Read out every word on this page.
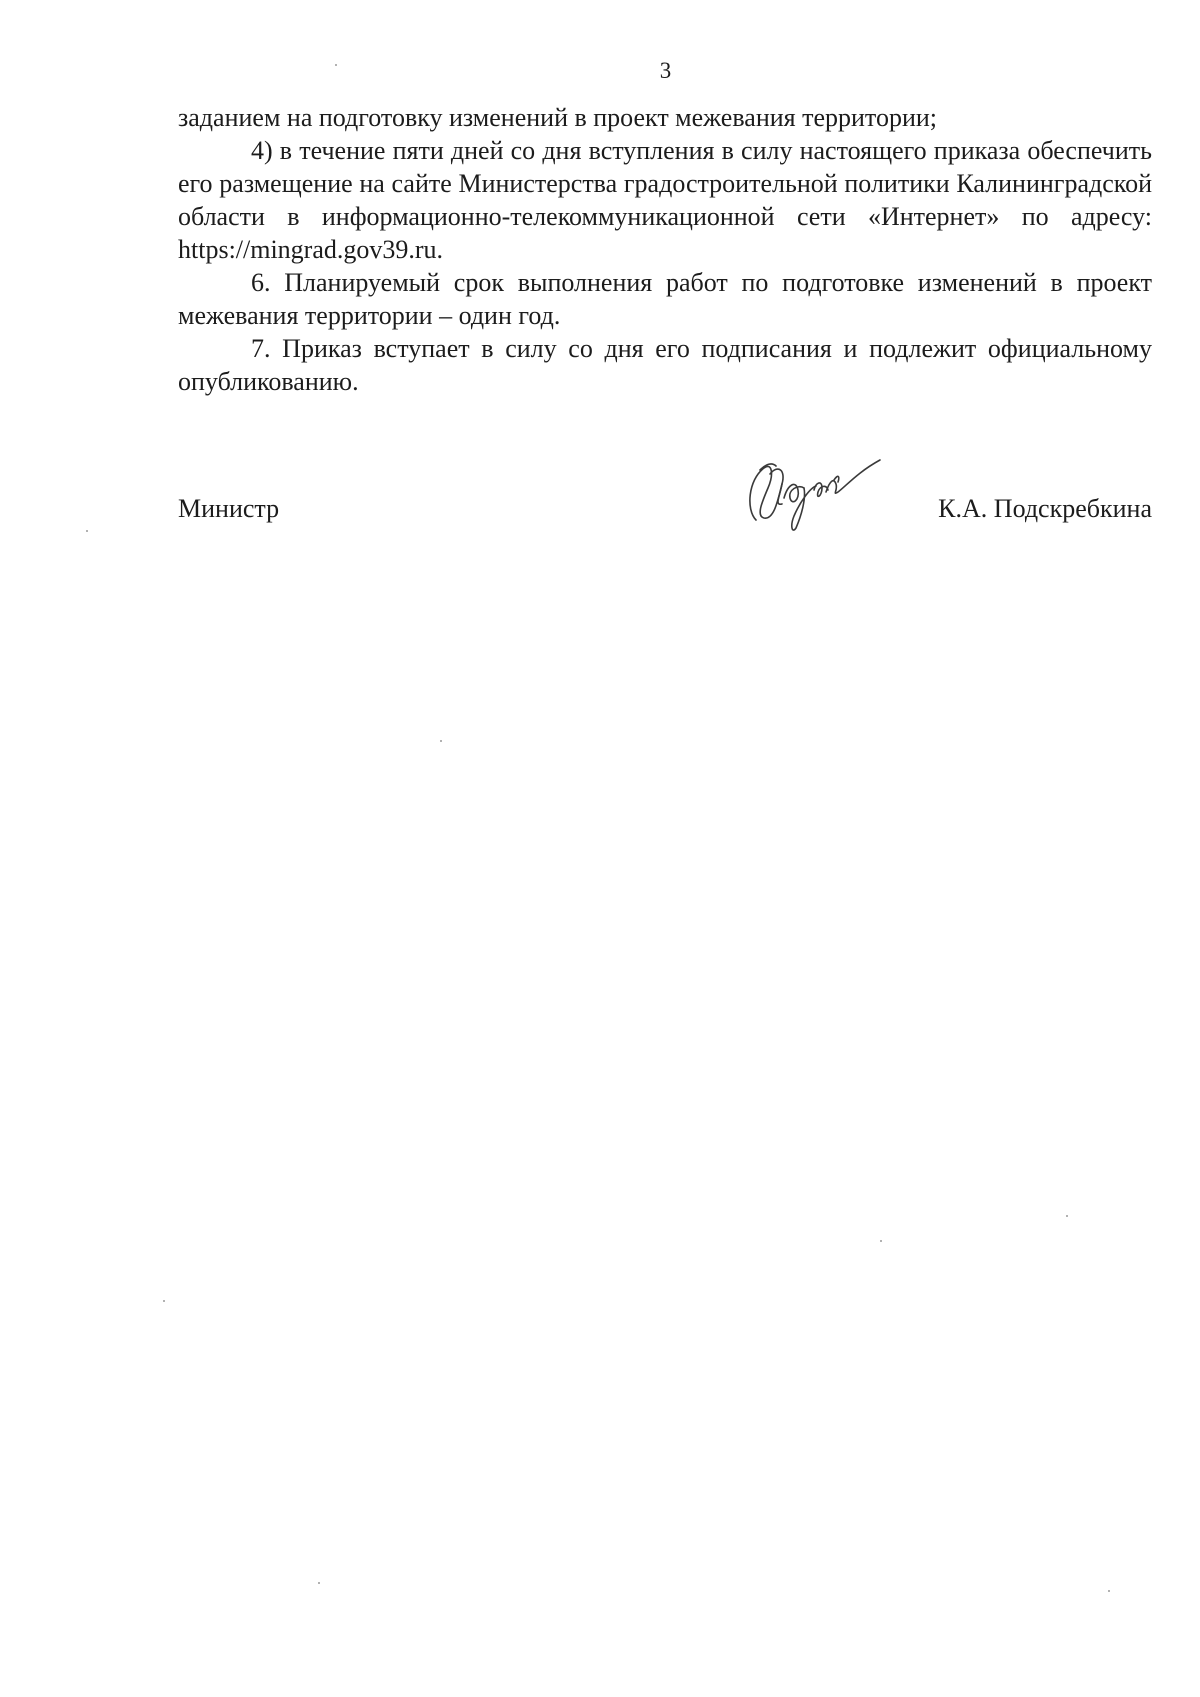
3

заданием на подготовку изменений в проект межевания территории;

4) в течение пяти дней со дня вступления в силу настоящего приказа обеспечить его размещение на сайте Министерства градостроительной политики Калининградской области в информационно-телекоммуникационной сети «Интернет» по адресу: https://mingrad.gov39.ru.

6. Планируемый срок выполнения работ по подготовке изменений в проект межевания территории – один год.

7. Приказ вступает в силу со дня его подписания и подлежит официальному опубликованию.

Министр	К.А. Подскребкина
